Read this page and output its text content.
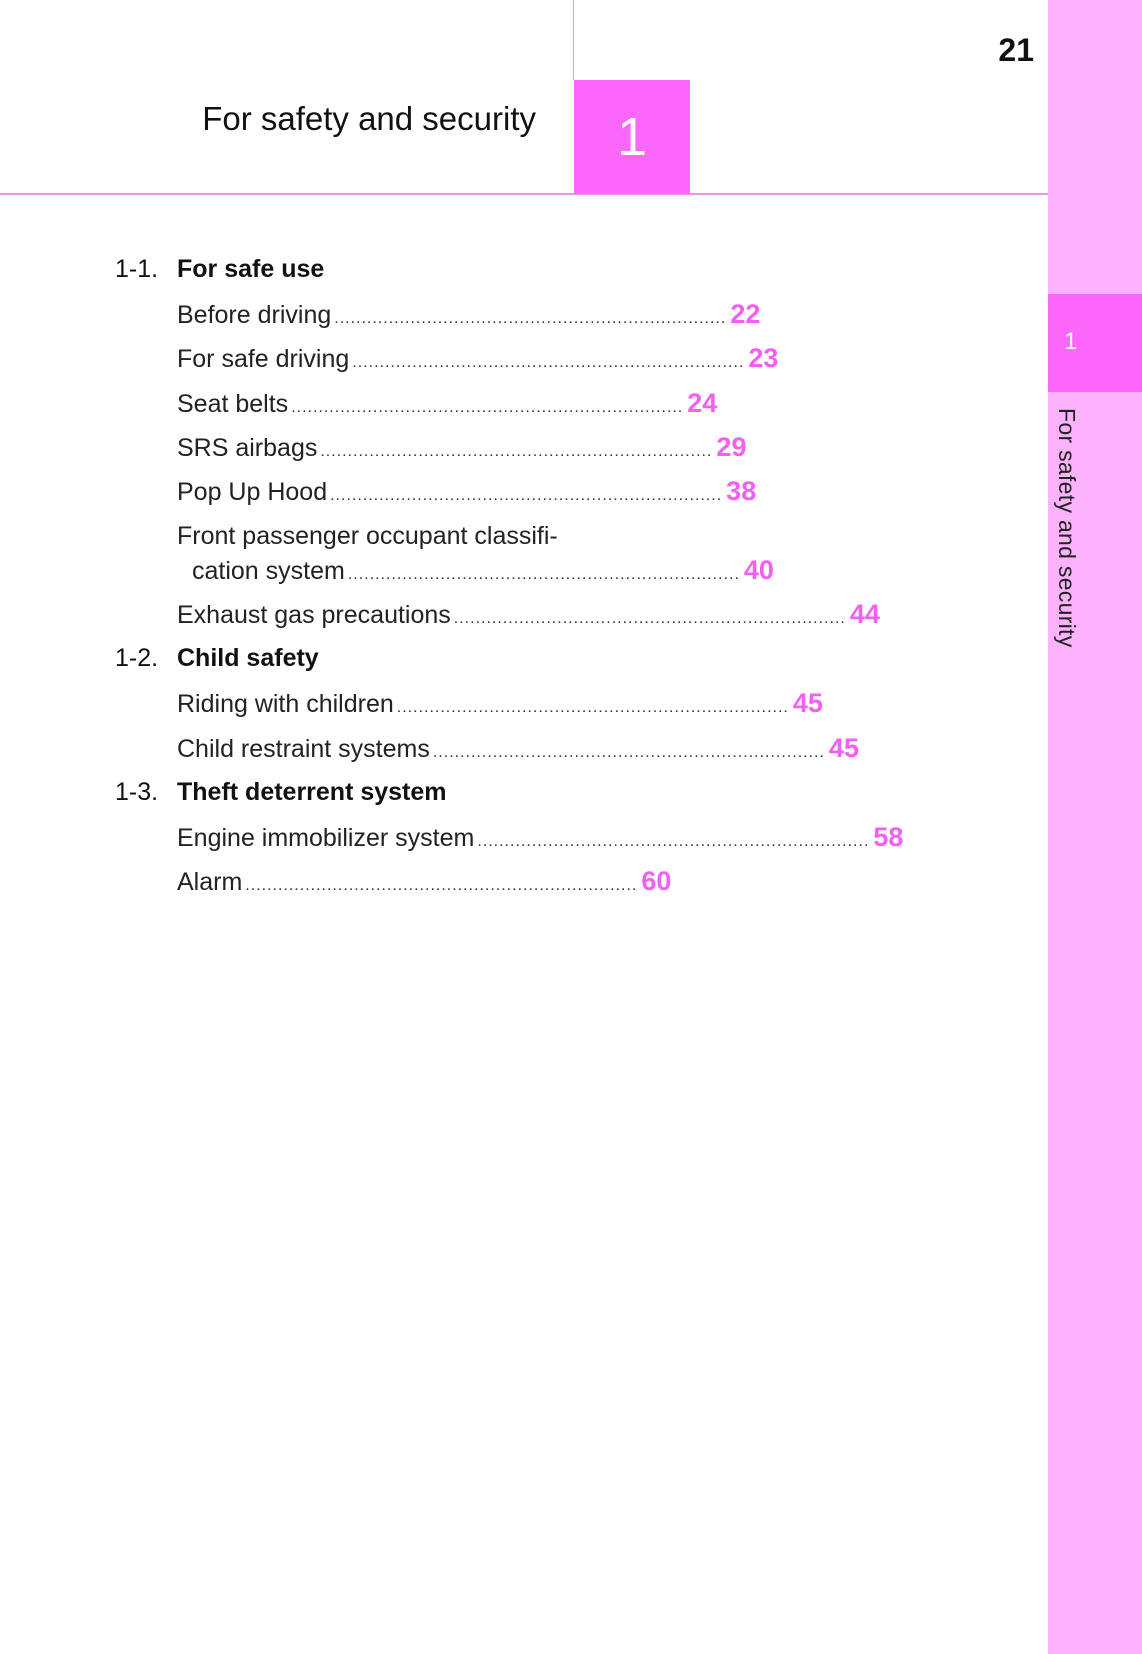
For safety and security	1
21
1
For safety and security
1-1. For safe use
Before driving ........................................................................ 22
For safe driving ........................................................................ 23
Seat belts ........................................................................ 24
SRS airbags ........................................................................ 29
Pop Up Hood ........................................................................ 38
Front passenger occupant classifi-
cation system ........................................................................ 40
Exhaust gas precautions ........................................................................ 44
1-2. Child safety
Riding with children ........................................................................ 45
Child restraint systems ........................................................................ 45
1-3. Theft deterrent system
Engine immobilizer system ........................................................................ 58
Alarm ........................................................................ 60
